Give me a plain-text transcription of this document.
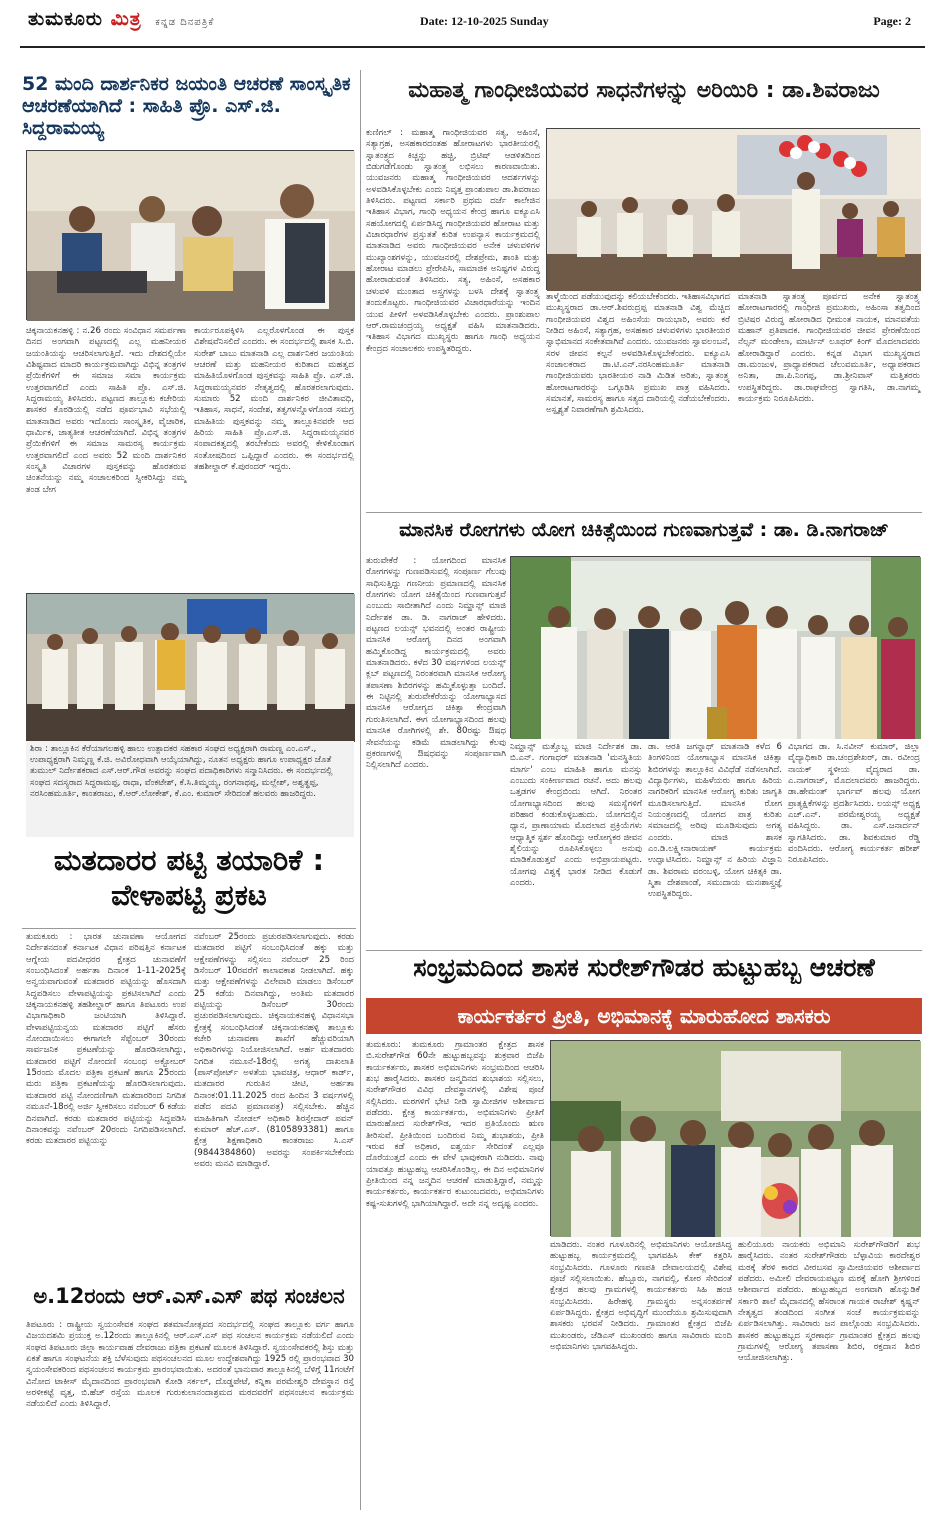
ತುಮಕೂರು ಮಿತ್ರ ಕನ್ನಡ ದಿನಪತ್ರಿಕೆ	Date: 12-10-2025 Sunday	Page: 2
52 ಮಂದಿ ದಾರ್ಶನಿಕರ ಜಯಂತಿ ಆಚರಣೆ ಸಾಂಸ್ಕೃತಿಕ ಆಚರಣೆಯಾಗಿದೆ : ಸಾಹಿತಿ ಪ್ರೊ. ಎಸ್.ಜಿ. ಸಿದ್ದರಾಮಯ್ಯ
ಚಿಕ್ಕನಾಯಕನಹಳ್ಳಿ : ನ.26 ರಂದು ಸಂವಿಧಾನ ಸಮರ್ಪಣಾ ದಿನದ ಅಂಗವಾಗಿ ಪಟ್ಟಣದಲ್ಲಿ ಎಲ್ಲ ಮಹನೀಯರ ಜಯಂತಿಯನ್ನು ಆಚರಿಸಲಾಗುತ್ತಿದೆ. ಇದು ದೇಶದಲ್ಲಿಯೇ ವಿಶಿಷ್ಟವಾದ ಮಾದರಿ ಕಾರ್ಯಕ್ರಮವಾಗಿದ್ದು ವಿಭಿನ್ನ ತಂತ್ರಗಳ ಪ್ರೆಯಿಕೆಗಳಿಗೆ ಈ ಸಮಾಜ ಸಮಾ ಕಾರ್ಯಕ್ರಮ ಉತ್ತರವಾಗಲಿದೆ ಎಂದು ಸಾಹಿತಿ ಪ್ರೊ. ಎಸ್.ಜಿ. ಸಿದ್ದರಾಮಯ್ಯ ತಿಳಿಸಿದರು. ಪಟ್ಟಣದ ತಾಲ್ಲೂಕು ಕಚೇರಿಯ ಶಾಸಕರ ಕೊಠಡಿಯಲ್ಲಿ ನಡೆದ ಪೂರ್ವಭಾವಿ ಸಭೆಯಲ್ಲಿ ಮಾತನಾಡಿದ ಅವರು ಇದೊಂದು ಸಾಂಸ್ಕೃತಿಕ, ವೈಚಾರಿಕ, ಧಾರ್ಮಿಕ, ಜಾತ್ಯತೀತ ಆಚರಣೆಯಾಗಿದೆ. ವಿಭಿನ್ನ ತಂತ್ರಗಳ ಪ್ರೆಯಿಕೆಗಳಿಗೆ ಈ ಸಮಾಜ ಸಾಮರಸ್ಯ ಕಾರ್ಯಕ್ರಮ ಉತ್ತರವಾಗಲಿದೆ ಎಂದ ಅವರು 52 ಮಂದಿ ದಾರ್ಶನಿಕರ ಸಂಸ್ಕೃತಿ ವಿಚಾರಗಳ ಪುಸ್ತಕವನ್ನು ಹೊರತರುವ ಚಿಂತನೆಯನ್ನು ನಮ್ಮ ಸಂಚಾಲಕರಿಂದ ಸ್ವೀಕರಿಸಿದ್ದು ನಮ್ಮ ತಂಡ ಬೇಗ
ಕಾರ್ಯರೂಪಕ್ಕಿಳಿಸಿ ಎಲ್ಲರೊಳಗೊಂಡ ಈ ಪುಸ್ತಕ ವಿಶೇಷವೆನಿಸಲಿದೆ ಎಂದರು. ಈ ಸಂದರ್ಭದಲ್ಲಿ ಶಾಸಕ ಸಿ.ಬಿ. ಸುರೇಶ್ ಬಾಬು ಮಾತನಾಡಿ ಎಲ್ಲ ದಾರ್ಶನಿಕರ ಜಯಂತಿಯ ಆಚರಣೆ ಮತ್ತು ಮಹನೀಯರ ಕುರಿತಾದ ಮಹತ್ವದ ಮಾಹಿತಿಯೊಳಗೊಂಡ ಪುಸ್ತಕವನ್ನು ಸಾಹಿತಿ ಪ್ರೊ. ಎಸ್.ಜಿ. ಸಿದ್ದರಾಮಯ್ಯನವರ ನೇತೃತ್ವದಲ್ಲಿ ಹೊರತರಲಾಗುವುದು. ಸುಮಾರು 52 ಮಂದಿ ದಾರ್ಶನಿಕರ ಜೀವಿತಾವಧಿ, ಇತಿಹಾಸ, ಸಾಧನೆ, ಸಂದೇಶ, ತತ್ವಗಳನ್ನೊಳಗೊಂಡ ಸಮಗ್ರ ಮಾಹಿತಿಯ ಪುಸ್ತಕವನ್ನು ನಮ್ಮ ತಾಲ್ಲೂಕಿನವರೇ ಆದ ಹಿರಿಯ ಸಾಹಿತಿ ಪ್ರೊ.ಎಸ್.ಜಿ. ಸಿದ್ದರಾಮಯ್ಯನವರ ಸಂಪಾದಕತ್ವದಲ್ಲಿ ತರಬೇಕೆಂದು ಅವರಲ್ಲಿ ಕೇಳಿಕೊಂಡಾಗ ಸಂತೋಷದಿಂದ ಒಪ್ಪಿದ್ದಾರೆ ಎಂದರು. ಈ ಸಂದರ್ಭದಲ್ಲಿ ತಹಶೀಲ್ದಾರ್ ಕೆ.ಪುರಂದರ್ ಇದ್ದರು.
ಶಿರಾ : ತಾಲ್ಲೂಕಿನ ಕೆರೆಯಾಗಲಹಳ್ಳಿ ಹಾಲು ಉತ್ಪಾದಕರ ಸಹಕಾರ ಸಂಘದ ಅಧ್ಯಕ್ಷರಾಗಿ ರಾಮಣ್ಣ ಎಂ.ಎಸ್., ಉಪಾಧ್ಯಕ್ಷರಾಗಿ ನಿಮ್ಮಣ್ಣ ಕೆ.ಜಿ. ಅವಿರೋಧವಾಗಿ ಆಯ್ಕೆಯಾಗಿದ್ದು, ನೂತನ ಅಧ್ಯಕ್ಷರು ಹಾಗೂ ಉಪಾಧ್ಯಕ್ಷರ ಜೊತೆ ತುಮುಲ್ ನಿರ್ದೇಶಕರಾದ ಎಸ್.ಆರ್.ಗೌಡ ಅವರನ್ನು ಸಂಘದ ಪದಾಧಿಕಾರಿಗಳು ಸನ್ಮಾನಿಸಿದರು. ಈ ಸಂದರ್ಭದಲ್ಲಿ ಸಂಘದ ಸದಸ್ಯರಾದ ಸಿದ್ದರಾಮಪ್ಪ, ರಾಧಾ, ವೆಂಕಟೇಶ್, ಕೆ.ಸಿ.ತಿಮ್ಮಯ್ಯ, ರಂಗನಾಥಪ್ಪ, ಮಲ್ಲೇಶ್, ಅಶ್ವತ್ಥಪ್ಪ, ನರಸಿಂಹಮೂರ್ತಿ, ಕಾಂತರಾಜು, ಕೆ.ಆರ್.ಲೋಕೇಶ್, ಕೆ.ಎಂ. ಕುಮಾರ್ ಸೇರಿದಂತೆ ಹಲವರು ಹಾಜರಿದ್ದರು.
ಮತದಾರರ ಪಟ್ಟಿ ತಯಾರಿಕೆ : ವೇಳಾಪಟ್ಟಿ ಪ್ರಕಟ
ತುಮಕೂರು : ಭಾರತ ಚುನಾವಣಾ ಆಯೋಗದ ನಿರ್ದೇಶನದಂತೆ ಕರ್ನಾಟಕ ವಿಧಾನ ಪರಿಷತ್ತಿನ ಕರ್ನಾಟಕ ಆಗ್ನೇಯ ಪದವೀಧರರ ಕ್ಷೇತ್ರದ ಚುನಾವಣೆಗೆ ಸಂಬಂಧಿಸಿದಂತೆ ಅರ್ಹತಾ ದಿನಾಂಕ 1-11-2025ಕ್ಕೆ ಅನ್ವಯವಾಗುವಂತೆ ಮತದಾರರ ಪಟ್ಟಿಯನ್ನು ಹೊಸದಾಗಿ ಸಿದ್ಧಪಡಿಸಲು ವೇಳಾಪಟ್ಟಿಯನ್ನು ಪ್ರಕಟಿಸಲಾಗಿದೆ ಎಂದು ಚಿಕ್ಕನಾಯಕನಹಳ್ಳಿ ತಹಶೀಲ್ದಾರ್ ಹಾಗೂ ತಿಪಟೂರು ಉಪ ವಿಭಾಗಾಧಿಕಾರಿ ಜಂಟಿಯಾಗಿ ತಿಳಿಸಿದ್ದಾರೆ. ವೇಳಾಪಟ್ಟಿಯನ್ವಯ ಮತದಾರರ ಪಟ್ಟಿಗೆ ಹೆಸರು ನೋಂದಾಯಿಸಲು ಈಗಾಗಲೇ ಸೆಪ್ಟೆಂಬರ್ 30ರಂದು ಸಾರ್ವಜನಿಕ ಪ್ರಕಟಣೆಯನ್ನು ಹೊರಡಿಸಲಾಗಿದ್ದು, ಮತದಾರರ ಪಟ್ಟಿಗೆ ನೋಂದಣಿ ಸಂಬಂಧ ಅಕ್ಟೋಬರ್ 15ರಂದು ಮೊದಲ ಪತ್ರಿಕಾ ಪ್ರಕಟಣೆ ಹಾಗೂ 25ರಂದು ಮರು ಪತ್ರಿಕಾ ಪ್ರಕಟಣೆಯನ್ನು ಹೊರಡಿಸಲಾಗುವುದು. ಮತದಾರರ ಪಟ್ಟಿ ನೋಂದಣಿಗಾಗಿ ಮತದಾರರಿಂದ ನಿಗದಿತ ನಮೂನೆ-18ರಲ್ಲಿ ಅರ್ಜಿ ಸ್ವೀಕರಿಸಲು ನವೆಂಬರ್ 6 ಕಡೆಯ ದಿನವಾಗಿದೆ. ಕರಡು ಮತದಾರರ ಪಟ್ಟಿಯನ್ನು ಸಿದ್ಧಪಡಿಸಿ ದಿನಾಂಕವನ್ನು ನವೆಂಬರ್ 20ರಂದು ನಿಗದಿಪಡಿಸಲಾಗಿದೆ. ಕರಡು ಮತದಾರರ ಪಟ್ಟಿಯನ್ನು
ನವೆಂಬರ್ 25ರಂದು ಪ್ರಚುರಪಡಿಸಲಾಗುವುದು. ಕರಡು ಮತದಾರರ ಪಟ್ಟಿಗೆ ಸಂಬಂಧಿಸಿದಂತೆ ಹಕ್ಕು ಮತ್ತು ಆಕ್ಷೇಪಣೆಗಳನ್ನು ಸಲ್ಲಿಸಲು ನವೆಂಬರ್ 25 ರಿಂದ ಡಿಸೆಂಬರ್ 10ರವರೆಗೆ ಕಾಲಾವಕಾಶ ನೀಡಲಾಗಿದೆ. ಹಕ್ಕು ಮತ್ತು ಆಕ್ಷೇಪಣೆಗಳನ್ನು ವಿಲೇವಾರಿ ಮಾಡಲು ಡಿಸೆಂಬರ್ 25 ಕಡೆಯ ದಿನವಾಗಿದ್ದು, ಅಂತಿಮ ಮತದಾರರ ಪಟ್ಟಿಯನ್ನು ಡಿಸೆಂಬರ್ 30ರಂದು ಪ್ರಚುರಪಡಿಸಲಾಗುವುದು. ಚಿಕ್ಕನಾಯಕನಹಳ್ಳಿ ವಿಧಾನಸಭಾ ಕ್ಷೇತ್ರಕ್ಕೆ ಸಂಬಂಧಿಸಿದಂತೆ ಚಿಕ್ಕನಾಯಕನಹಳ್ಳಿ ತಾಲ್ಲೂಕು ಕಚೇರಿ ಚುನಾವಣಾ ಶಾಖೆಗೆ ಹೆಚ್ಚುವರಿಯಾಗಿ ಅಧಿಕಾರಿಗಳನ್ನು ನಿಯೋಜಿಸಲಾಗಿದೆ. ಅರ್ಹ ಮತದಾರರು ನಿಗದಿತ ನಮೂನೆ-18ರಲ್ಲಿ ಅಗತ್ಯ ದಾಖಲಾತಿ (ಪಾಸ್‌ಪೋರ್ಟ್ ಅಳತೆಯ ಭಾವಚಿತ್ರ, ಆಧಾರ್ ಕಾರ್ಡ್, ಮತದಾರರ ಗುರುತಿನ ಚೀಟಿ, ಅರ್ಹತಾ ದಿನಾಂಕ:01.11.2025 ರಂದ ಹಿಂದಿನ 3 ವರ್ಷಗಳಲ್ಲಿ ಪಡೆದ ಪದವಿ ಪ್ರಮಾಣಪತ್ರ) ಸಲ್ಲಿಸಬೇಕು. ಹೆಚ್ಚಿನ ಮಾಹಿತಿಗಾಗಿ ನೋಡಲ್ ಅಧಿಕಾರಿ ಶಿರಸ್ತೇದಾರ್ ಪವನ್ ಕುಮಾರ್ ಹೆಚ್.ಎಸ್. (8105893381) ಹಾಗೂ ಕ್ಷೇತ್ರ ಶಿಕ್ಷಣಾಧಿಕಾರಿ ಕಾಂತರಾಜು ಸಿ.ಎಸ್ (9844384860) ಅವರನ್ನು ಸಂಪರ್ಕಿಸಬೇಕೆಂದು ಅವರು ಮನವಿ ಮಾಡಿದ್ದಾರೆ.
ಅ.12ರಂದು ಆರ್.ಎಸ್.ಎಸ್ ಪಥ ಸಂಚಲನ
ತಿಪಟೂರು : ರಾಷ್ಟ್ರೀಯ ಸ್ವಯಂಸೇವಕ ಸಂಘದ ಶತಮಾನೋತ್ಸವದ ಸಂದರ್ಭದಲ್ಲಿ ಸಂಘದ ತಾಲ್ಲೂಕು ವರ್ಗ ಹಾಗೂ ವಿಜಯದಶಮಿ ಪ್ರಯುಕ್ತ ಅ.12ರಂದು ತಾಲ್ಲೂಕಿನಲ್ಲಿ ಆರ್.ಎಸ್.ಎಸ್ ಪಥ ಸಂಚಲನ ಕಾರ್ಯಕ್ರಮ ನಡೆಯಲಿದೆ ಎಂದು ಸಂಘದ ತಿಪಟೂರು ಜಿಲ್ಲಾ ಕಾರ್ಯವಾಹ ದೇವರಾಜು ಪತ್ರಿಕಾ ಪ್ರಕಟಣೆ ಮೂಲಕ ತಿಳಿಸಿದ್ದಾರೆ. ಸ್ವಯಂಸೇವಕರಲ್ಲಿ ಶಿಸ್ತು ಮತ್ತು ಏಕತೆ ಹಾಗೂ ಸಂಘಟನೆಯ ಶಕ್ತಿ ಬೆಳೆಸುವುದು ಪಥಸಂಚಲನದ ಮೂಲ ಉದ್ದೇಶವಾಗಿದ್ದು 1925 ರಲ್ಲಿ ಪ್ರಾರಂಭವಾದ 30 ಸ್ವಯಂಸೇವಕರಿಂದ ಪಥಸಂಚಲನ ಕಾರ್ಯಕ್ರಮ ಪ್ರಾರಂಭವಾಯಿತು. ಅದರಂತೆ ಭಾನುವಾರ ತಾಲ್ಲೂಕಿನಲ್ಲಿ ಬೆಳಿಗ್ಗೆ 11ಗಂಟೆಗೆ ವಿನೋದ ಟಾಕೀಸ್ ಮೈದಾನದಿಂದ ಪ್ರಾರಂಭವಾಗಿ ಕೋಡಿ ಸರ್ಕಲ್, ದೊಡ್ಡಪೇಟೆ, ಕನ್ನಿಕಾ ಪರಮೇಶ್ವರಿ ದೇವಸ್ಥಾನ ರಸ್ತೆ ಅರಳೀಕಟ್ಟೆ ವೃತ್ತ, ಬಿ.ಹೆಚ್ ರಸ್ತೆಯ ಮೂಲಕ ಗುರುಕುಲಾನಂದಾಶ್ರಮದ ಮಠದವರೆಗೆ ಪಥಸಂಚಲನ ಕಾರ್ಯಕ್ರಮ ನಡೆಯಲಿದೆ ಎಂದು ತಿಳಿಸಿದ್ದಾರೆ.
ಮಹಾತ್ಮ ಗಾಂಧೀಜಿಯವರ ಸಾಧನೆಗಳನ್ನು ಅರಿಯಿರಿ : ಡಾ.ಶಿವರಾಜು
ಕುಣಿಗಲ್ : ಮಹಾತ್ಮ ಗಾಂಧೀಜಿಯವರ ಸತ್ಯ, ಅಹಿಂಸೆ, ಸತ್ಯಾಗ್ರಹ, ಅಸಹಕಾರದಂತಹ ಹೋರಾಟಗಳು ಭಾರತೀಯರಲ್ಲಿ ಸ್ವಾತಂತ್ರ್ಯದ ಕಿಚ್ಚನ್ನು ಹಚ್ಚಿ, ಬ್ರಿಟಿಷ್ ಆಡಳಿತದಿಂದ ಬಿಡುಗಡೆಗೊಂಡು ಸ್ವಾತಂತ್ರ್ಯ ಲಭಿಸಲು ಕಾರಣವಾಯಿತು. ಯುವಜನರು ಮಹಾತ್ಮ ಗಾಂಧೀಜಿಯವರ ಆದರ್ಶಗಳನ್ನು ಅಳವಡಿಸಿಕೊಳ್ಳಬೇಕು ಎಂದು ನಿವೃತ್ತ ಪ್ರಾಂಶುಪಾಲ ಡಾ.ಶಿವರಾಜು ತಿಳಿಸಿದರು. ಪಟ್ಟಣದ ಸರ್ಕಾರಿ ಪ್ರಥಮ ದರ್ಜೆ ಕಾಲೇಜಿನ ಇತಿಹಾಸ ವಿಭಾಗ, ಗಾಂಧಿ ಅಧ್ಯಯನ ಕೇಂದ್ರ ಹಾಗೂ ಐಕ್ಯೂಎಸಿ ಸಹಯೋಗದಲ್ಲಿ ಏರ್ಪಡಿಸಿದ್ದ ಗಾಂಧೀಜಿಯವರ ಹೋರಾಟ ಮತ್ತು ವಿಚಾರಧಾರೆಗಳ ಪ್ರಸ್ತುತತೆ ಕುರಿತ ಉಪನ್ಯಾಸ ಕಾರ್ಯಕ್ರಮದಲ್ಲಿ ಮಾತನಾಡಿದ ಅವರು ಗಾಂಧೀಜಿಯವರ ಅನೇಕ ಚಳುವಳಿಗಳ ಮುಖ್ಯಾಂಶಗಳನ್ನು, ಯುವಜನರಲ್ಲಿ ದೇಶಪ್ರೇಮ, ಶಾಂತಿ ಮತ್ತು ಹೋರಾಟ ಮಾಡಲು ಪ್ರೇರೇಪಿಸಿ, ಸಾಮಾಜಿಕ ಅನಿಷ್ಟಗಳ ವಿರುದ್ಧ ಹೋರಾಡುವಂತೆ ತಿಳಿಸಿದರು. ಸತ್ಯ, ಅಹಿಂಸೆ, ಅಸಹಕಾರ ಚಳುವಳಿ ಮುಂತಾದ ಅಸ್ತ್ರಗಳನ್ನು ಬಳಸಿ ದೇಶಕ್ಕೆ ಸ್ವಾತಂತ್ರ್ಯ ತಂದುಕೊಟ್ಟರು. ಗಾಂಧೀಜಿಯವರ ವಿಚಾರಧಾರೆಯನ್ನು ಇಂದಿನ ಯುವ ಪೀಳಿಗೆ ಅಳವಡಿಸಿಕೊಳ್ಳಬೇಕು ಎಂದರು. ಪ್ರಾಂಶುಪಾಲ ಆರ್.ರಾಮಚಂದ್ರಯ್ಯ ಅಧ್ಯಕ್ಷತೆ ವಹಿಸಿ ಮಾತನಾಡಿದರು. ಇತಿಹಾಸ ವಿಭಾಗದ ಮುಖ್ಯಸ್ಥರು ಹಾಗೂ ಗಾಂಧಿ ಅಧ್ಯಯನ ಕೇಂದ್ರದ ಸಂಚಾಲಕರು ಉಪಸ್ಥಿತರಿದ್ದರು.
ತಾಳ್ಮೆಯಿಂದ ಪಡೆಯುವುದನ್ನು ಕಲಿಯಬೇಕೆಂದರು. ಇತಿಹಾಸವಿಭಾಗದ ಮುಖ್ಯಸ್ಥರಾದ ಡಾ.ಆರ್.ಶಿವರುದ್ರಪ್ಪ ಮಾತನಾಡಿ ವಿಶ್ವ ಮೆಚ್ಚಿದ ಗಾಂಧೀಜಿಯವರ ವಿಶ್ವದ ಅಹಿಂಸೆಯ ರಾಯಭಾರಿ, ಅವರು ಕರೆ ನೀಡಿದ ಅಹಿಂಸೆ, ಸತ್ಯಾಗ್ರಹ, ಅಸಹಕಾರ ಚಳುವಳಿಗಳು ಭಾರತೀಯರ ಸ್ವಾಭಿಮಾನದ ಸಂಕೇತವಾಗಿವೆ ಎಂದರು. ಯುವಜನರು ಸ್ವಾವಲಂಬನೆ, ಸರಳ ಜೀವನ ಕಲ್ಪನೆ ಅಳವಡಿಸಿಕೊಳ್ಳಬೇಕೆಂದರು. ಐಕ್ಯೂಎಸಿ ಸಂಚಾಲಕರಾದ ಡಾ.ಟಿ.ಎನ್.ನರಸಿಂಹಮೂರ್ತಿ ಮಾತನಾಡಿ ಗಾಂಧೀಜಿಯವರು ಭಾರತೀಯರ ನಾಡಿ ಮಿಡಿತ ಅರಿತು, ಸ್ವಾತಂತ್ರ್ಯ ಹೋರಾಟಗಾರರನ್ನು ಒಗ್ಗೂಡಿಸಿ ಪ್ರಮುಖ ಪಾತ್ರ ವಹಿಸಿದರು. ಸಮಾನತೆ, ಸಾಮರಸ್ಯ ಹಾಗೂ ಸತ್ಯದ ದಾರಿಯಲ್ಲಿ ನಡೆಯಬೇಕೆಂದರು. ಅಸ್ಪೃಶ್ಯತೆ ನಿವಾರಣೆಗಾಗಿ ಶ್ರಮಿಸಿದರು.
ಮಾತನಾಡಿ ಸ್ವಾತಂತ್ರ್ಯ ಪೂರ್ವದ ಅನೇಕ ಸ್ವಾತಂತ್ರ್ಯ ಹೋರಾಟಗಾರರಲ್ಲಿ ಗಾಂಧೀಜಿ ಪ್ರಮುಖರು, ಅಹಿಂಸಾ ತತ್ವದಿಂದ ಬ್ರಿಟಿಷರ ವಿರುದ್ಧ ಹೋರಾಡಿದ ಧೀಮಂತ ನಾಯಕ, ಮಾನವತೆಯ ಮಹಾನ್ ಪ್ರತಿಪಾದಕ. ಗಾಂಧೀಜಿಯವರ ಜೀವನ ಪ್ರೇರಣೆಯಿಂದ ನೆಲ್ಸನ್ ಮಂಡೇಲಾ, ಮಾರ್ಟಿನ್ ಲೂಥರ್ ಕಿಂಗ್ ಮೊದಲಾದವರು ಹೋರಾಡಿದ್ದಾರೆ ಎಂದರು. ಕನ್ನಡ ವಿಭಾಗ ಮುಖ್ಯಸ್ಥರಾದ ಡಾ.ಮಂಜುಳ, ಪ್ರಾಧ್ಯಾಪಕರಾದ ಚೆಲುವಮೂರ್ತಿ, ಅಧ್ಯಾಪಕರಾದ ಅನಿತಾ, ಡಾ.ಪಿ.ನಿಂಗಪ್ಪ, ಡಾ.ಶ್ರೀನಿವಾಸ್ ಮತ್ತಿತರರು ಉಪಸ್ಥಿತರಿದ್ದರು. ಡಾ.ರಾಘವೇಂದ್ರ ಸ್ವಾಗತಿಸಿ, ಡಾ.ನಾಗಮ್ಮ ಕಾರ್ಯಕ್ರಮ ನಿರೂಪಿಸಿದರು.
ಮಾನಸಿಕ ರೋಗಗಳು ಯೋಗ ಚಿಕಿತ್ಸೆಯಿಂದ ಗುಣವಾಗುತ್ತವೆ : ಡಾ. ಡಿ.ನಾಗರಾಜ್
ತುರುವೇಕೆರೆ : ಯೋಗದಿಂದ ಮಾನಸಿಕ ರೋಗಗಳನ್ನು ಗುಣಪಡಿಸುವಲ್ಲಿ ಸಂಪೂರ್ಣ ಗೆಲುವು ಸಾಧಿಸುತ್ತಿದ್ದು ಗಣನೀಯ ಪ್ರಮಾಣದಲ್ಲಿ ಮಾನಸಿಕ ರೋಗಗಳು ಯೋಗ ಚಿಕಿತ್ಸೆಯಿಂದ ಗುಣವಾಗುತ್ತವೆ ಎಂಬುದು ಸಾಬೀತಾಗಿದೆ ಎಂದು ನಿಮ್ಹಾನ್ಸ್ ಮಾಜಿ ನಿರ್ದೇಶಕ ಡಾ. ಡಿ. ನಾಗರಾಜ್ ಹೇಳಿದರು. ಪಟ್ಟಣದ ಲಯನ್ಸ್ ಭವನದಲ್ಲಿ ಅಂತರ ರಾಷ್ಟ್ರೀಯ ಮಾನಸಿಕ ಆರೋಗ್ಯ ದಿನದ ಅಂಗವಾಗಿ ಹಮ್ಮಿಕೊಂಡಿದ್ದ ಕಾರ್ಯಕ್ರಮದಲ್ಲಿ ಅವರು ಮಾತನಾಡಿದರು. ಕಳೆದ 30 ವರ್ಷಗಳಿಂದ ಲಯನ್ಸ್ ಕ್ಲಬ್ ಪಟ್ಟಣದಲ್ಲಿ ನಿರಂತರವಾಗಿ ಮಾನಸಿಕ ಆರೋಗ್ಯ ತಪಾಸಣಾ ಶಿಬಿರಗಳನ್ನು ಹಮ್ಮಿಕೊಳ್ಳುತ್ತಾ ಬಂದಿದೆ. ಈ ನಿಟ್ಟಿನಲ್ಲಿ ತುರುವೇಕೆರೆಯನ್ನು ಯೋಗಾಭ್ಯಾಸದ ಮಾನಸಿಕ ಆರೋಗ್ಯದ ಚಿಕಿತ್ಸಾ ಕೇಂದ್ರವಾಗಿ ಗುರುತಿಸಲಾಗಿದೆ. ಈಗ ಯೋಗಾಭ್ಯಾಸದಿಂದ ಹಲವು ಮಾನಸಿಕ ರೋಗಿಗಳಲ್ಲಿ ಶೇ. 80ರಷ್ಟು ಔಷಧ ಸೇವನೆಯನ್ನು ಕಡಿಮೆ ಮಾಡಲಾಗಿದ್ದು ಕೆಲವು ಪ್ರಕರಣಗಳಲ್ಲಿ ಔಷಧವನ್ನು ಸಂಪೂರ್ಣವಾಗಿ ನಿಲ್ಲಿಸಲಾಗಿದೆ ಎಂದರು.
ನಿಮ್ಹಾನ್ಸ್ ಮತ್ತೊಬ್ಬ ಮಾಜಿ ನಿರ್ದೇಶಕ ಡಾ. ಬಿ.ಎನ್. ಗಂಗಾಧರ್ ಮಾತನಾಡಿ 'ಮನಸ್ಥಿತಿಯ ಮಾರ್ಗ' ಎಂಬ ಮಾಹಿತಿ ಹಾಗೂ ಮನಸ್ಸು ಎಂಬುದು ಸಂಕೀರ್ಣವಾದ ರಚನೆ. ಅದು ಹಲವು ಒತ್ತಡಗಳ ಕೇಂದ್ರಬಿಂದು ಆಗಿದೆ. ನಿರಂತರ ಯೋಗಾಭ್ಯಾಸದಿಂದ ಹಲವು ಸಮಸ್ಯೆಗಳಿಗೆ ಪರಿಹಾರ ಕಂಡುಕೊಳ್ಳಬಹುದು. ಯೋಗದಲ್ಲಿನ ಧ್ಯಾನ, ಪ್ರಾಣಾಯಾಮ ಮೊದಲಾದ ಪ್ರಕ್ರಿಯೆಗಳು ಆಧ್ಯಾತ್ಮಿಕ ಸ್ಪರ್ಶ ಹೊಂದಿದ್ದು ಆರೋಗ್ಯಕರ ಜೀವನ ಶೈಲಿಯನ್ನು ರೂಪಿಸಿಕೊಳ್ಳಲು ಅನುವು ಮಾಡಿಕೊಡುತ್ತವೆ ಎಂದು ಅಭಿಪ್ರಾಯಪಟ್ಟರು. ಯೋಗವು ವಿಶ್ವಕ್ಕೆ ಭಾರತ ನೀಡಿದ ಕೊಡುಗೆ ಎಂದರು.
ಡಾ. ಆರತಿ ಜಗನ್ನಾಥ್ ಮಾತನಾಡಿ ಕಳೆದ 6 ತಿಂಗಳಿನಿಂದ ಯೋಗಾಭ್ಯಾಸ ಮಾನಸಿಕ ಚಿಕಿತ್ಸಾ ಶಿಬಿರಗಳನ್ನು ತಾಲ್ಲೂಕಿನ ವಿವಿಧೆಡೆ ನಡೆಸಲಾಗಿದೆ. ವಿದ್ಯಾರ್ಥಿಗಳು, ಮಹಿಳೆಯರು ಹಾಗೂ ಹಿರಿಯ ನಾಗರಿಕರಿಗೆ ಮಾನಸಿಕ ಆರೋಗ್ಯ ಕುರಿತು ಜಾಗೃತಿ ಮೂಡಿಸಲಾಗುತ್ತಿದೆ. ಮಾನಸಿಕ ರೋಗ ನಿಯಂತ್ರಣದಲ್ಲಿ ಯೋಗದ ಪಾತ್ರ ಕುರಿತು ಸಮಾಜದಲ್ಲಿ ಅರಿವು ಮೂಡಿಸುವುದು ಅಗತ್ಯ ಎಂದರು. ಮಾಜಿ ಶಾಸಕ ಎಂ.ಡಿ.ಲಕ್ಷ್ಮೀನಾರಾಯಣ್ ಕಾರ್ಯಕ್ರಮ ಉದ್ಘಾಟಿಸಿದರು. ನಿಮ್ಹಾನ್ಸ್ ನ ಹಿರಿಯ ವಿಜ್ಞಾನಿ ಡಾ. ಶಿವರಾಮ ವರಂಬಳ್ಳಿ, ಯೋಗ ಚಿಕಿತ್ಸಕಿ ಡಾ. ಸ್ಮಿತಾ ದೇಶಪಾಂಡೆ, ಸಮುದಾಯ ಮನಃಶಾಸ್ತ್ರಜ್ಞೆ ಉಪಸ್ಥಿತರಿದ್ದರು.
ವಿಭಾಗದ ಡಾ. ಸಿ.ನವೀನ್ ಕುಮಾರ್, ಜಿಲ್ಲಾ ವೈದ್ಯಾಧಿಕಾರಿ ಡಾ.ಚಂದ್ರಶೇಖರ್, ಡಾ. ರವೀಂದ್ರ ನಾಯಕ್ ಸ್ಥಳೀಯ ವೈದ್ಯರಾದ ಡಾ. ಎ.ನಾಗರಾಜ್, ಮೊದಲಾದವರು ಹಾಜರಿದ್ದರು. ಡಾ.ಹೇಮಂತ್ ಭಾರ್ಗವ್ ಹಲವು ಯೋಗ ಪ್ರಾತ್ಯಕ್ಷಿಕೆಗಳನ್ನು ಪ್ರದರ್ಶಿಸಿದರು. ಲಯನ್ಸ್ ಅಧ್ಯಕ್ಷ ಎಚ್.ಎನ್. ಪರಮೇಶ್ವರಯ್ಯ ಅಧ್ಯಕ್ಷತೆ ವಹಿಸಿದ್ದರು. ಡಾ. ಎಸ್.ಜನಾರ್ದನ್ ಸ್ವಾಗತಿಸಿದರು. ಡಾ. ಶಿವಕುಮಾರ ರೆಡ್ಡಿ ವಂದಿಸಿದರು. ಆರೋಗ್ಯ ಕಾರ್ಯಕರ್ತ ಹರೀಶ್ ನಿರೂಪಿಸಿದರು.
ಸಂಭ್ರಮದಿಂದ ಶಾಸಕ ಸುರೇಶ್‌ಗೌಡರ ಹುಟ್ಟುಹಬ್ಬ ಆಚರಣೆ
ಕಾರ್ಯಕರ್ತರ ಪ್ರೀತಿ, ಅಭಿಮಾನಕ್ಕೆ ಮಾರುಹೋದ ಶಾಸಕರು
ತುಮಕೂರು: ತುಮಕೂರು ಗ್ರಾಮಾಂತರ ಕ್ಷೇತ್ರದ ಶಾಸಕ ಬಿ.ಸುರೇಶ್‌ಗೌಡ 60ನೇ ಹುಟ್ಟುಹಬ್ಬವನ್ನು ಶುಕ್ರವಾರ ಬಿಜೆಪಿ ಕಾರ್ಯಕರ್ತರು, ಶಾಸಕರ ಅಭಿಮಾನಿಗಳು ಸಂಭ್ರಮದಿಂದ ಆಚರಿಸಿ ಶುಭ ಹಾರೈಸಿದರು. ಶಾಸಕರ ಜನ್ಮದಿನದ ಶುಭಾಶಯ ಸಲ್ಲಿಸಲು, ಸುರೇಶ್‌ಗೌಡರ ವಿವಿಧ ದೇವಸ್ಥಾನಗಳಲ್ಲಿ ವಿಶೇಷ ಪೂಜೆ ಸಲ್ಲಿಸಿದರು. ಮಠಗಳಿಗೆ ಭೇಟಿ ನೀಡಿ ಸ್ವಾಮೀಜಿಗಳ ಆಶೀರ್ವಾದ ಪಡೆದರು. ಕ್ಷೇತ್ರ ಕಾರ್ಯಕರ್ತರು, ಅಭಿಮಾನಿಗಳು ಪ್ರೀತಿಗೆ ಮಾರುಹೋದ ಸುರೇಶ್‌ಗೌಡ, ಇದರ ಪ್ರತಿಯೊಂದು ಋಣ ತೀರಿಸುವೆ. ಪ್ರೀತಿಯಿಂದ ಬಂದಿರುವ ನಿಮ್ಮ ಶುಭಾಶಯ, ಪ್ರೀತಿ ಇರುವ ಕಡೆ ಅಧಿಕಾರ, ಐಶ್ವರ್ಯ ಸೇರಿದಂತೆ ಎಲ್ಲವೂ ದೊರೆಯುತ್ತದೆ ಎಂದು ಈ ವೇಳೆ ಭಾವುಕರಾಗಿ ನುಡಿದರು. ನಾವು ಯಾವತ್ತೂ ಹುಟ್ಟುಹಬ್ಬ ಆಚರಿಸಿಕೊಂಡಿಲ್ಲ. ಈ ದಿನ ಅಭಿಮಾನಿಗಳ ಪ್ರೀತಿಯಿಂದ ನನ್ನ ಜನ್ಮದಿನ ಆಚರಣೆ ಮಾಡುತ್ತಿದ್ದಾರೆ, ನಮ್ಮನ್ನು ಕಾರ್ಯಕರ್ತರು, ಕಾರ್ಯಕರ್ತರ ಕುಟುಂಬದವರು, ಅಭಿಮಾನಿಗಳು ಕಷ್ಟ-ಸುಖಗಳಲ್ಲಿ ಭಾಗಿಯಾಗಿದ್ದಾರೆ. ಅದೇ ನನ್ನ ಅದೃಷ್ಟ ಎಂದರು.
ಮಾಡಿದರು. ನಂತರ ಗೂಳೂರಿನಲ್ಲಿ ಅಭಿಮಾನಿಗಳು ಆಯೋಜಿಸಿದ್ದ ಹುಟ್ಟುಹಬ್ಬ ಕಾರ್ಯಕ್ರಮದಲ್ಲಿ ಭಾಗವಹಿಸಿ ಕೇಕ್ ಕತ್ತರಿಸಿ ಸಂಭ್ರಮಿಸಿದರು. ಗೂಳೂರು ಗಣಪತಿ ದೇವಾಲಯದಲ್ಲಿ ವಿಶೇಷ ಪೂಜೆ ಸಲ್ಲಿಸಲಾಯಿತು. ಹೆಬ್ಬೂರು, ನಾಗವಲ್ಲಿ, ಕೋರ ಸೇರಿದಂತೆ ಕ್ಷೇತ್ರದ ಹಲವು ಗ್ರಾಮಗಳಲ್ಲಿ ಕಾರ್ಯಕರ್ತರು ಸಿಹಿ ಹಂಚಿ ಸಂಭ್ರಮಿಸಿದರು. ಹಿರೇಹಳ್ಳಿ ಗ್ರಾಮಸ್ಥರು ಅನ್ನಸಂತರ್ಪಣೆ ಏರ್ಪಡಿಸಿದ್ದರು. ಕ್ಷೇತ್ರದ ಅಭಿವೃದ್ಧಿಗೆ ಮುಂದೆಯೂ ಶ್ರಮಿಸುವುದಾಗಿ ಶಾಸಕರು ಭರವಸೆ ನೀಡಿದರು. ಗ್ರಾಮಾಂತರ ಕ್ಷೇತ್ರದ ಬಿಜೆಪಿ ಮುಖಂಡರು, ಜೆಡಿಎಸ್ ಮುಖಂಡರು ಹಾಗೂ ಸಾವಿರಾರು ಮಂದಿ ಅಭಿಮಾನಿಗಳು ಭಾಗವಹಿಸಿದ್ದರು.
ಹುಲಿಯೂರು ನಾಯಕರು ಅಭಿಮಾನಿ ಸುರೇಶ್‌ಗೌಡರಿಗೆ ಶುಭ ಹಾರೈಸಿದರು. ನಂತರ ಸುರೇಶ್‌ಗೌಡರು ಬೆಳ್ಳಾವಿಯ ಕಾರದೇಶ್ವರ ಮಠಕ್ಕೆ ತೆರಳಿ ಕಾರದ ವೀರಬಸವ ಸ್ವಾಮೀಜಿಯವರ ಆಶೀರ್ವಾದ ಪಡೆದರು. ಅಮೀಲಿ ದೇವರಾಯಪಟ್ಟಣ ಮಠಕ್ಕೆ ಹೋಗಿ ಶ್ರೀಗಳಿಂದ ಆಶೀರ್ವಾದ ಪಡೆದರು. ಹುಟ್ಟುಹಬ್ಬದ ಅಂಗವಾಗಿ ಹೊನ್ನುಡಿಕೆ ಸರ್ಕಾರಿ ಶಾಲೆ ಮೈದಾನದಲ್ಲಿ ಹೆಸರಾಂತ ಗಾಯಕ ರಾಜೇಶ್ ಕೃಷ್ಣನ್ ನೇತೃತ್ವದ ತಂಡದಿಂದ ಸಂಗೀತ ಸಂಜೆ ಕಾರ್ಯಕ್ರಮವನ್ನು ಏರ್ಪಡಿಸಲಾಗಿತ್ತು. ಸಾವಿರಾರು ಜನ ಪಾಲ್ಗೊಂಡು ಸಂಭ್ರಮಿಸಿದರು. ಶಾಸಕರ ಹುಟ್ಟುಹಬ್ಬದ ಸ್ಮರಣಾರ್ಥ ಗ್ರಾಮಾಂತರ ಕ್ಷೇತ್ರದ ಹಲವು ಗ್ರಾಮಗಳಲ್ಲಿ ಆರೋಗ್ಯ ತಪಾಸಣಾ ಶಿಬಿರ, ರಕ್ತದಾನ ಶಿಬಿರ ಆಯೋಜಿಸಲಾಗಿತ್ತು.
